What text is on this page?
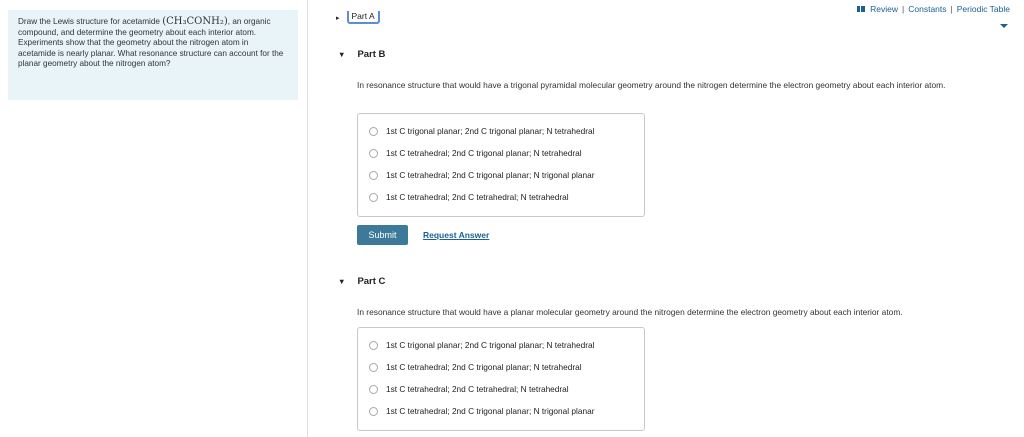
Draw the Lewis structure for acetamide (CH₃CONH₂), an organic compound, and determine the geometry about each interior atom. Experiments show that the geometry about the nitrogen atom in acetamide is nearly planar. What resonance structure can account for the planar geometry about the nitrogen atom?
Review | Constants | Periodic Table
▸	Part A
▼ Part B
In resonance structure that would have a trigonal pyramidal molecular geometry around the nitrogen determine the electron geometry about each interior atom.
1st C trigonal planar; 2nd C trigonal planar; N tetrahedral
1st C tetrahedral; 2nd C trigonal planar; N tetrahedral
1st C tetrahedral; 2nd C trigonal planar; N trigonal planar
1st C tetrahedral; 2nd C tetrahedral; N tetrahedral
Submit	Request Answer
▼ Part C
In resonance structure that would have a planar molecular geometry around the nitrogen determine the electron geometry about each interior atom.
1st C trigonal planar; 2nd C trigonal planar; N tetrahedral
1st C tetrahedral; 2nd C trigonal planar; N tetrahedral
1st C tetrahedral; 2nd C tetrahedral; N tetrahedral
1st C tetrahedral; 2nd C trigonal planar; N trigonal planar
